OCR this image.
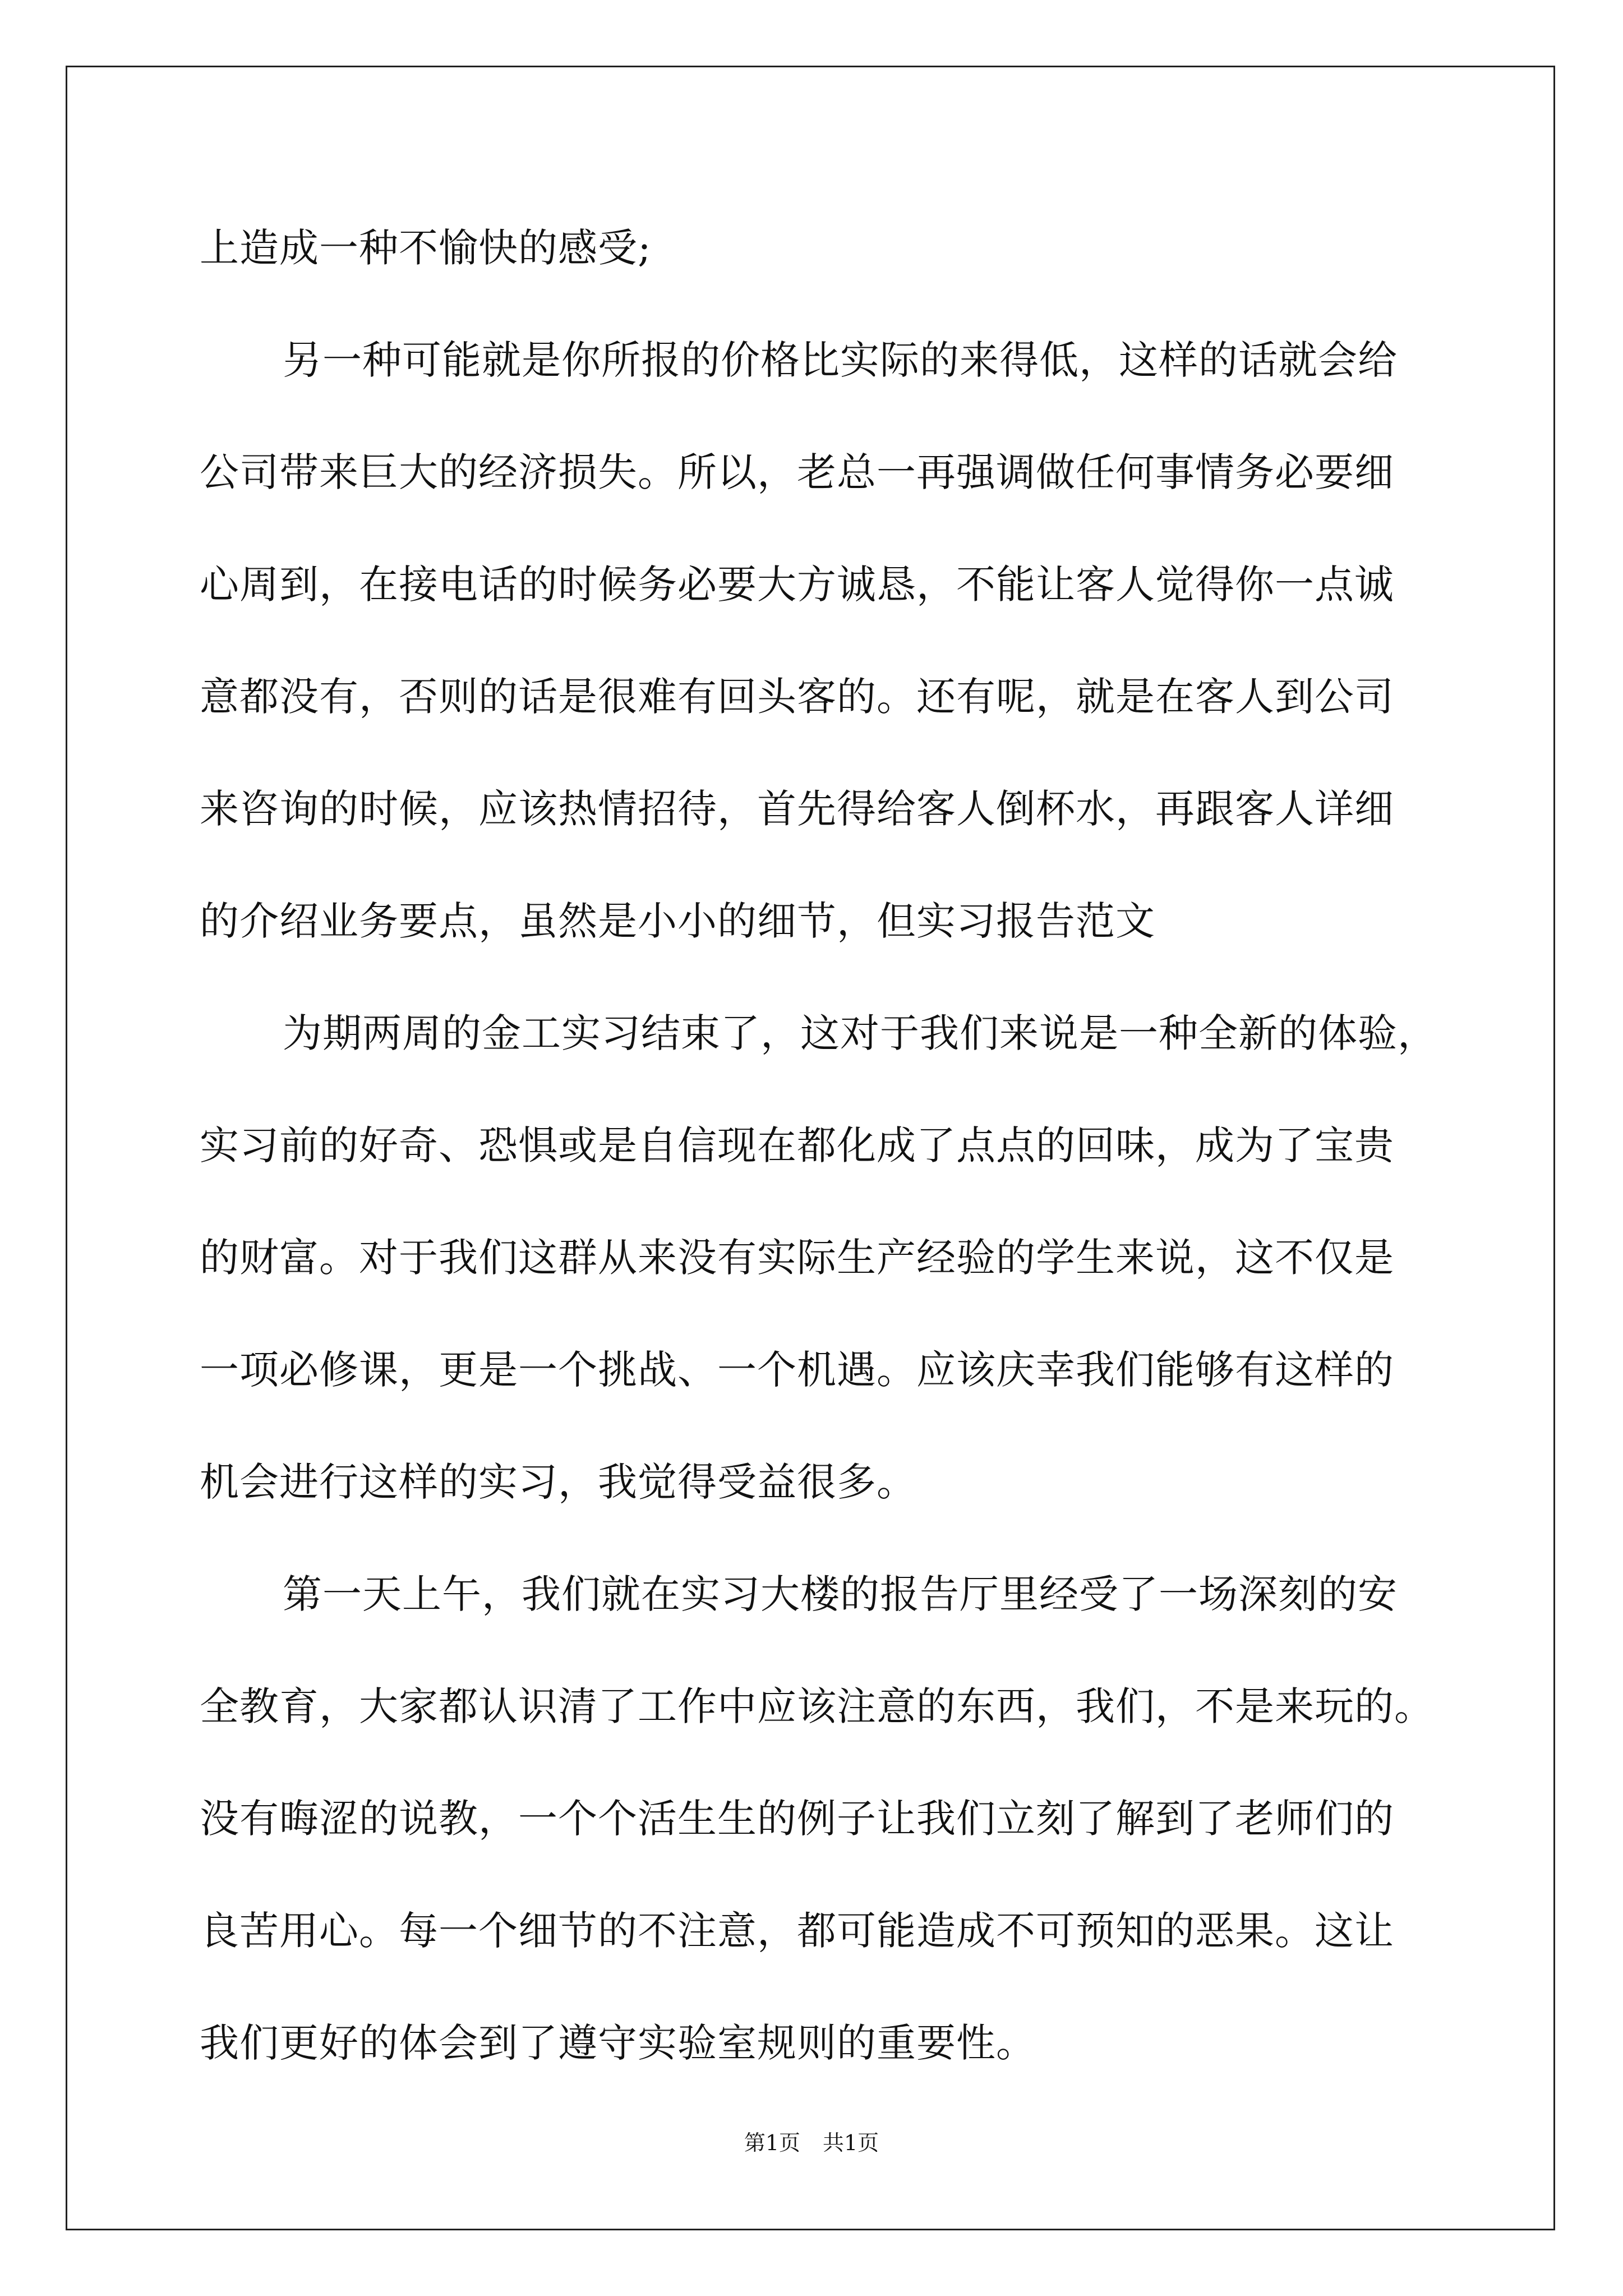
上造成一种不愉快的感受;
另一种可能就是你所报的价格比实际的来得低，这样的话就会给
公司带来巨大的经济损失。所以，老总一再强调做任何事情务必要细
心周到，在接电话的时候务必要大方诚恳，不能让客人觉得你一点诚
意都没有，否则的话是很难有回头客的。还有呢，就是在客人到公司
来咨询的时候，应该热情招待，首先得给客人倒杯水，再跟客人详细
的介绍业务要点，虽然是小小的细节，但实习报告范文
为期两周的金工实习结束了，这对于我们来说是一种全新的体验，
实习前的好奇、恐惧或是自信现在都化成了点点的回味，成为了宝贵
的财富。对于我们这群从来没有实际生产经验的学生来说，这不仅是
一项必修课，更是一个挑战、一个机遇。应该庆幸我们能够有这样的
机会进行这样的实习，我觉得受益很多。
第一天上午，我们就在实习大楼的报告厅里经受了一场深刻的安
全教育，大家都认识清了工作中应该注意的东西，我们，不是来玩的。
没有晦涩的说教，一个个活生生的例子让我们立刻了解到了老师们的
良苦用心。每一个细节的不注意，都可能造成不可预知的恶果。这让
我们更好的体会到了遵守实验室规则的重要性。
第1页 共1页
